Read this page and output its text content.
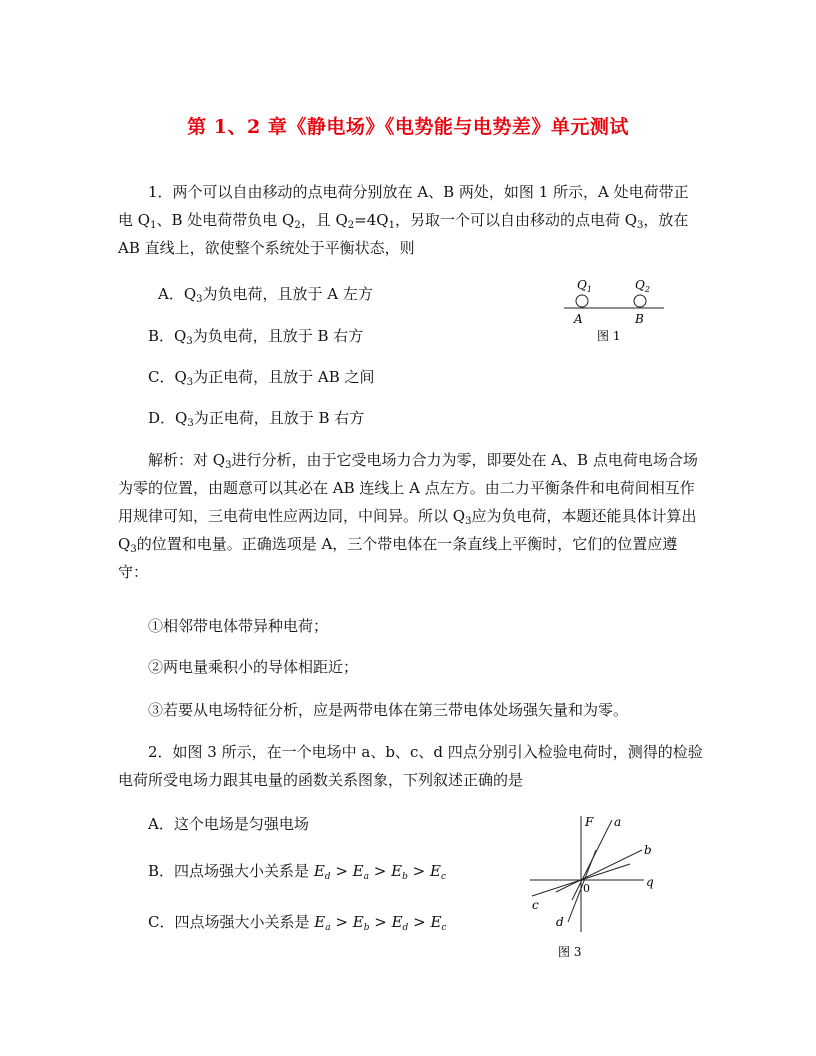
第 1、2 章《静电场》《电势能与电势差》单元测试

1．两个可以自由移动的点电荷分别放在 A、B 两处，如图 1 所示，A 处电荷带正电 $Q_1$、B 处电荷带负电 $Q_2$，且 $Q_2=4Q_1$，另取一个可以自由移动的点电荷 $Q_3$，放在 AB 直线上，欲使整个系统处于平衡状态，则

A．$Q_3$为负电荷，且放于 A 左方
B．$Q_3$为负电荷，且放于 B 右方
C．$Q_3$为正电荷，且放于 AB 之间
D．$Q_3$为正电荷，且放于 B 右方
$Q_1$	$Q_2$
A	B
图 1

解析：对 $Q_3$进行分析，由于它受电场力合力为零，即要处在 A、B 点电荷电场合场为零的位置，由题意可以其必在 AB 连线上 A 点左方。由二力平衡条件和电荷间相互作用规律可知，三电荷电性应两边同，中间异。所以 $Q_3$应为负电荷，本题还能具体计算出 $Q_3$的位置和电量。正确选项是 A，三个带电体在一条直线上平衡时，它们的位置应遵守：

①相邻带电体带异种电荷；
②两电量乘积小的导体相距近；
③若要从电场特征分析，应是两带电体在第三带电体处场强矢量和为零。

2．如图 3 所示，在一个电场中 a、b、c、d 四点分别引入检验电荷时，测得的检验电荷所受电场力跟其电量的函数关系图象，下列叙述正确的是

A．这个电场是匀强电场
B．四点场强大小关系是 $E_d > E_a > E_b > E_c$
C．四点场强大小关系是 $E_a > E_b > E_d > E_c$
F a
b
q
0
c
d
图 3
